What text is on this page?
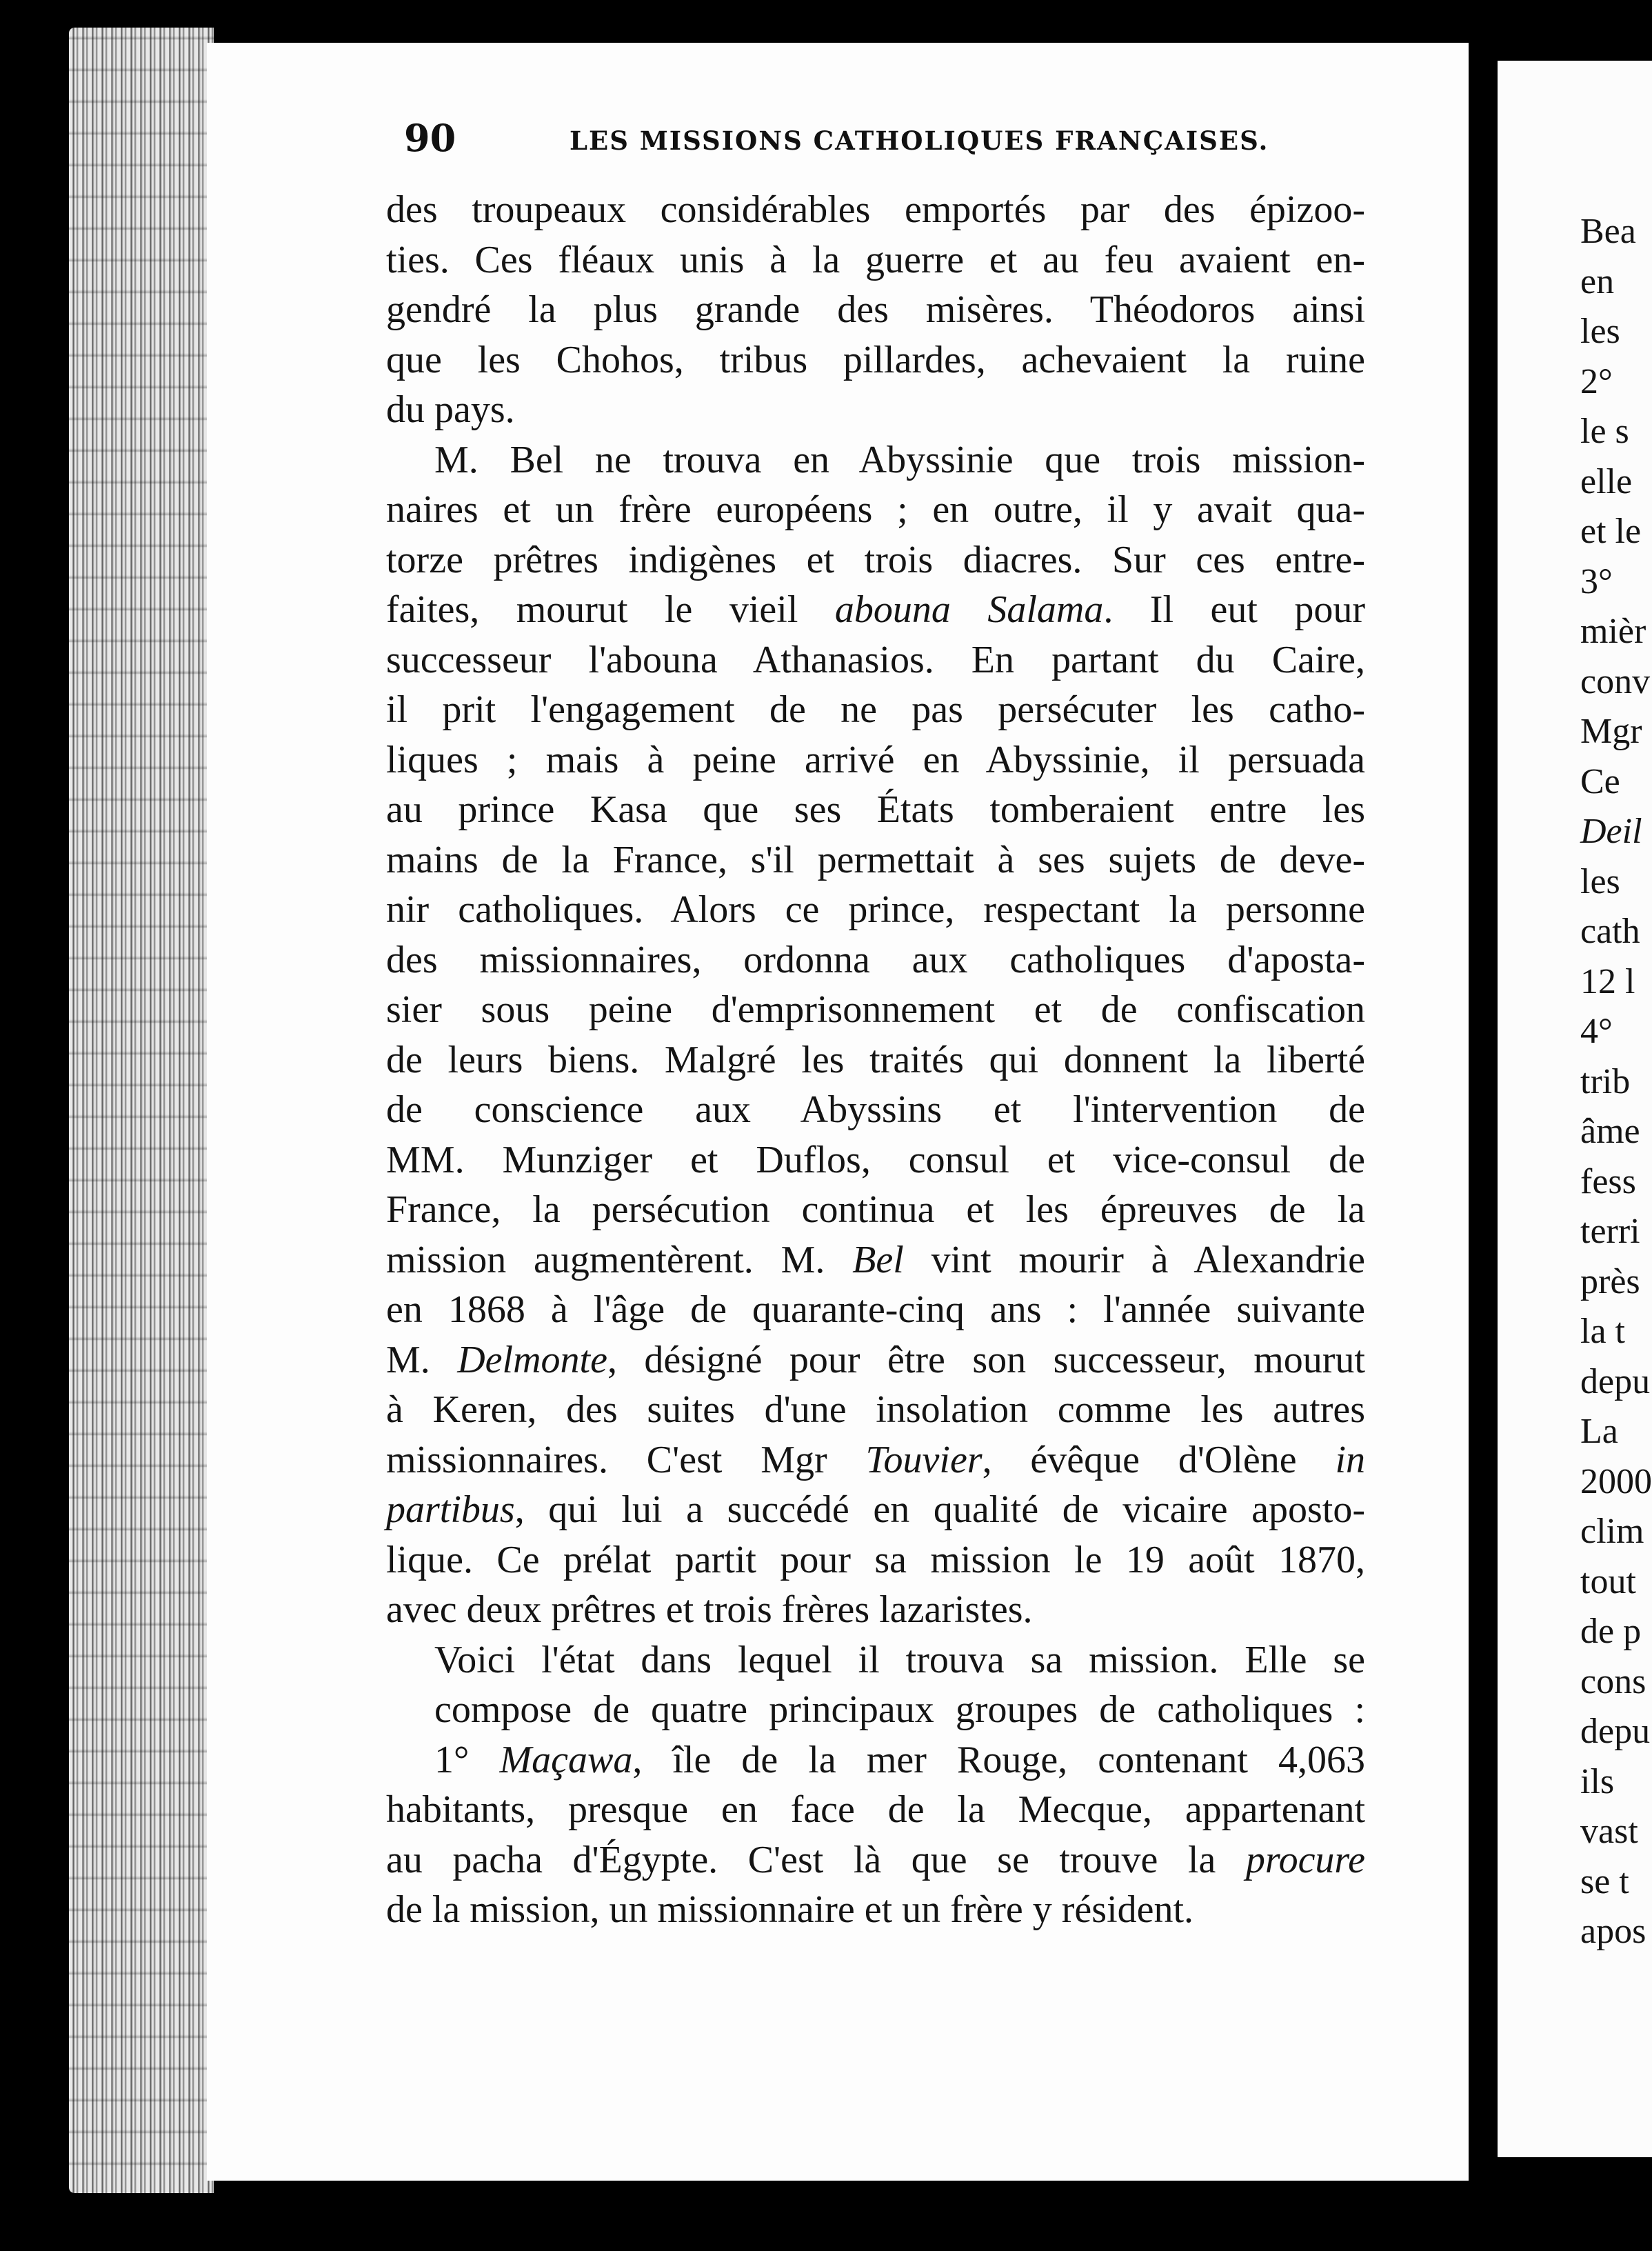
90	LES MISSIONS CATHOLIQUES FRANÇAISES.
des troupeaux considérables emportés par des épizoo-
ties. Ces fléaux unis à la guerre et au feu avaient en-
gendré la plus grande des misères. Théodoros ainsi
que les Chohos, tribus pillardes, achevaient la ruine
du pays.
M. Bel ne trouva en Abyssinie que trois mission-
naires et un frère européens ; en outre, il y avait qua-
torze prêtres indigènes et trois diacres. Sur ces entre-
faites, mourut le vieil abouna Salama. Il eut pour
successeur l'abouna Athanasios. En partant du Caire,
il prit l'engagement de ne pas persécuter les catho-
liques ; mais à peine arrivé en Abyssinie, il persuada
au prince Kasa que ses États tomberaient entre les
mains de la France, s'il permettait à ses sujets de deve-
nir catholiques. Alors ce prince, respectant la personne
des missionnaires, ordonna aux catholiques d'aposta-
sier sous peine d'emprisonnement et de confiscation
de leurs biens. Malgré les traités qui donnent la liberté
de conscience aux Abyssins et l'intervention de
MM. Munziger et Duflos, consul et vice-consul de
France, la persécution continua et les épreuves de la
mission augmentèrent. M. Bel vint mourir à Alexandrie
en 1868 à l'âge de quarante-cinq ans : l'année suivante
M. Delmonte, désigné pour être son successeur, mourut
à Keren, des suites d'une insolation comme les autres
missionnaires. C'est Mgr Touvier, évêque d'Olène in
partibus, qui lui a succédé en qualité de vicaire aposto-
lique. Ce prélat partit pour sa mission le 19 août 1870,
avec deux prêtres et trois frères lazaristes.
Voici l'état dans lequel il trouva sa mission. Elle se
compose de quatre principaux groupes de catholiques :
1° Maçawa, île de la mer Rouge, contenant 4,063
habitants, presque en face de la Mecque, appartenant
au pacha d'Égypte. C'est là que se trouve la procure
de la mission, un missionnaire et un frère y résident.
Bea
en
les
2°
le s
elle
et le
3°
mièr
conv
Mgr
Ce
Deil
les
cath
12 l
4°
trib
âme
fess
terri
près
la t
depu
La
2000
clim
tout
de p
cons
depu
ils
vast
se t
apos
